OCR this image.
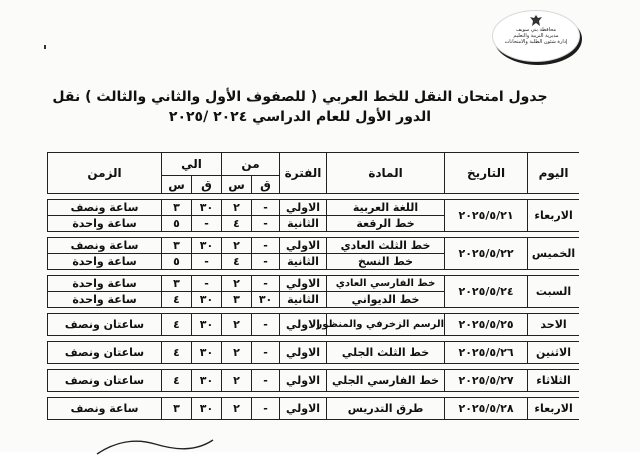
محافظة بني سويف
مديرية التربية والتعليم
إدارة شئون الطلبة والامتحانات
جدول امتحان النقل للخط العربي ( للصفوف الأول والثاني والثالث ) نقل
الدور الأول للعام الدراسي ٢٠٢٤ /٢٠٢٥
اليوم	التاريخ	المادة	الفترة	من		الي		الزمن
				ق	س	ق	س	

الاربعاء	٢٠٢٥/٥/٢١	اللغة العربية	الاولي	-	٢	٣٠	٣	ساعة ونصف
		خط الرقعة	الثانية	-	٤	-	٥	ساعة واحدة

الخميس	٢٠٢٥/٥/٢٢	خط الثلث العادي	الاولي	-	٢	٣٠	٣	ساعة ونصف
		خط النسخ	الثانية	-	٤	-	٥	ساعة واحدة

السبت	٢٠٢٥/٥/٢٤	خط الفارسي العادي	الاولي	-	٢	-	٣	ساعة واحدة
		خط الديواني	الثانية	٣٠	٣	٣٠	٤	ساعة واحدة

الاحد	٢٠٢٥/٥/٢٥	الرسم الزخرفي والمنظور	الاولي	-	٢	٣٠	٤	ساعتان ونصف

الاثنين	٢٠٢٥/٥/٢٦	خط الثلث الجلي	الاولي	-	٢	٣٠	٤	ساعتان ونصف

الثلاثاء	٢٠٢٥/٥/٢٧	خط الفارسي الجلي	الاولي	-	٢	٣٠	٤	ساعتان ونصف

الاربعاء	٢٠٢٥/٥/٢٨	طرق التدريس	الاولي	-	٢	٣٠	٣	ساعة ونصف
